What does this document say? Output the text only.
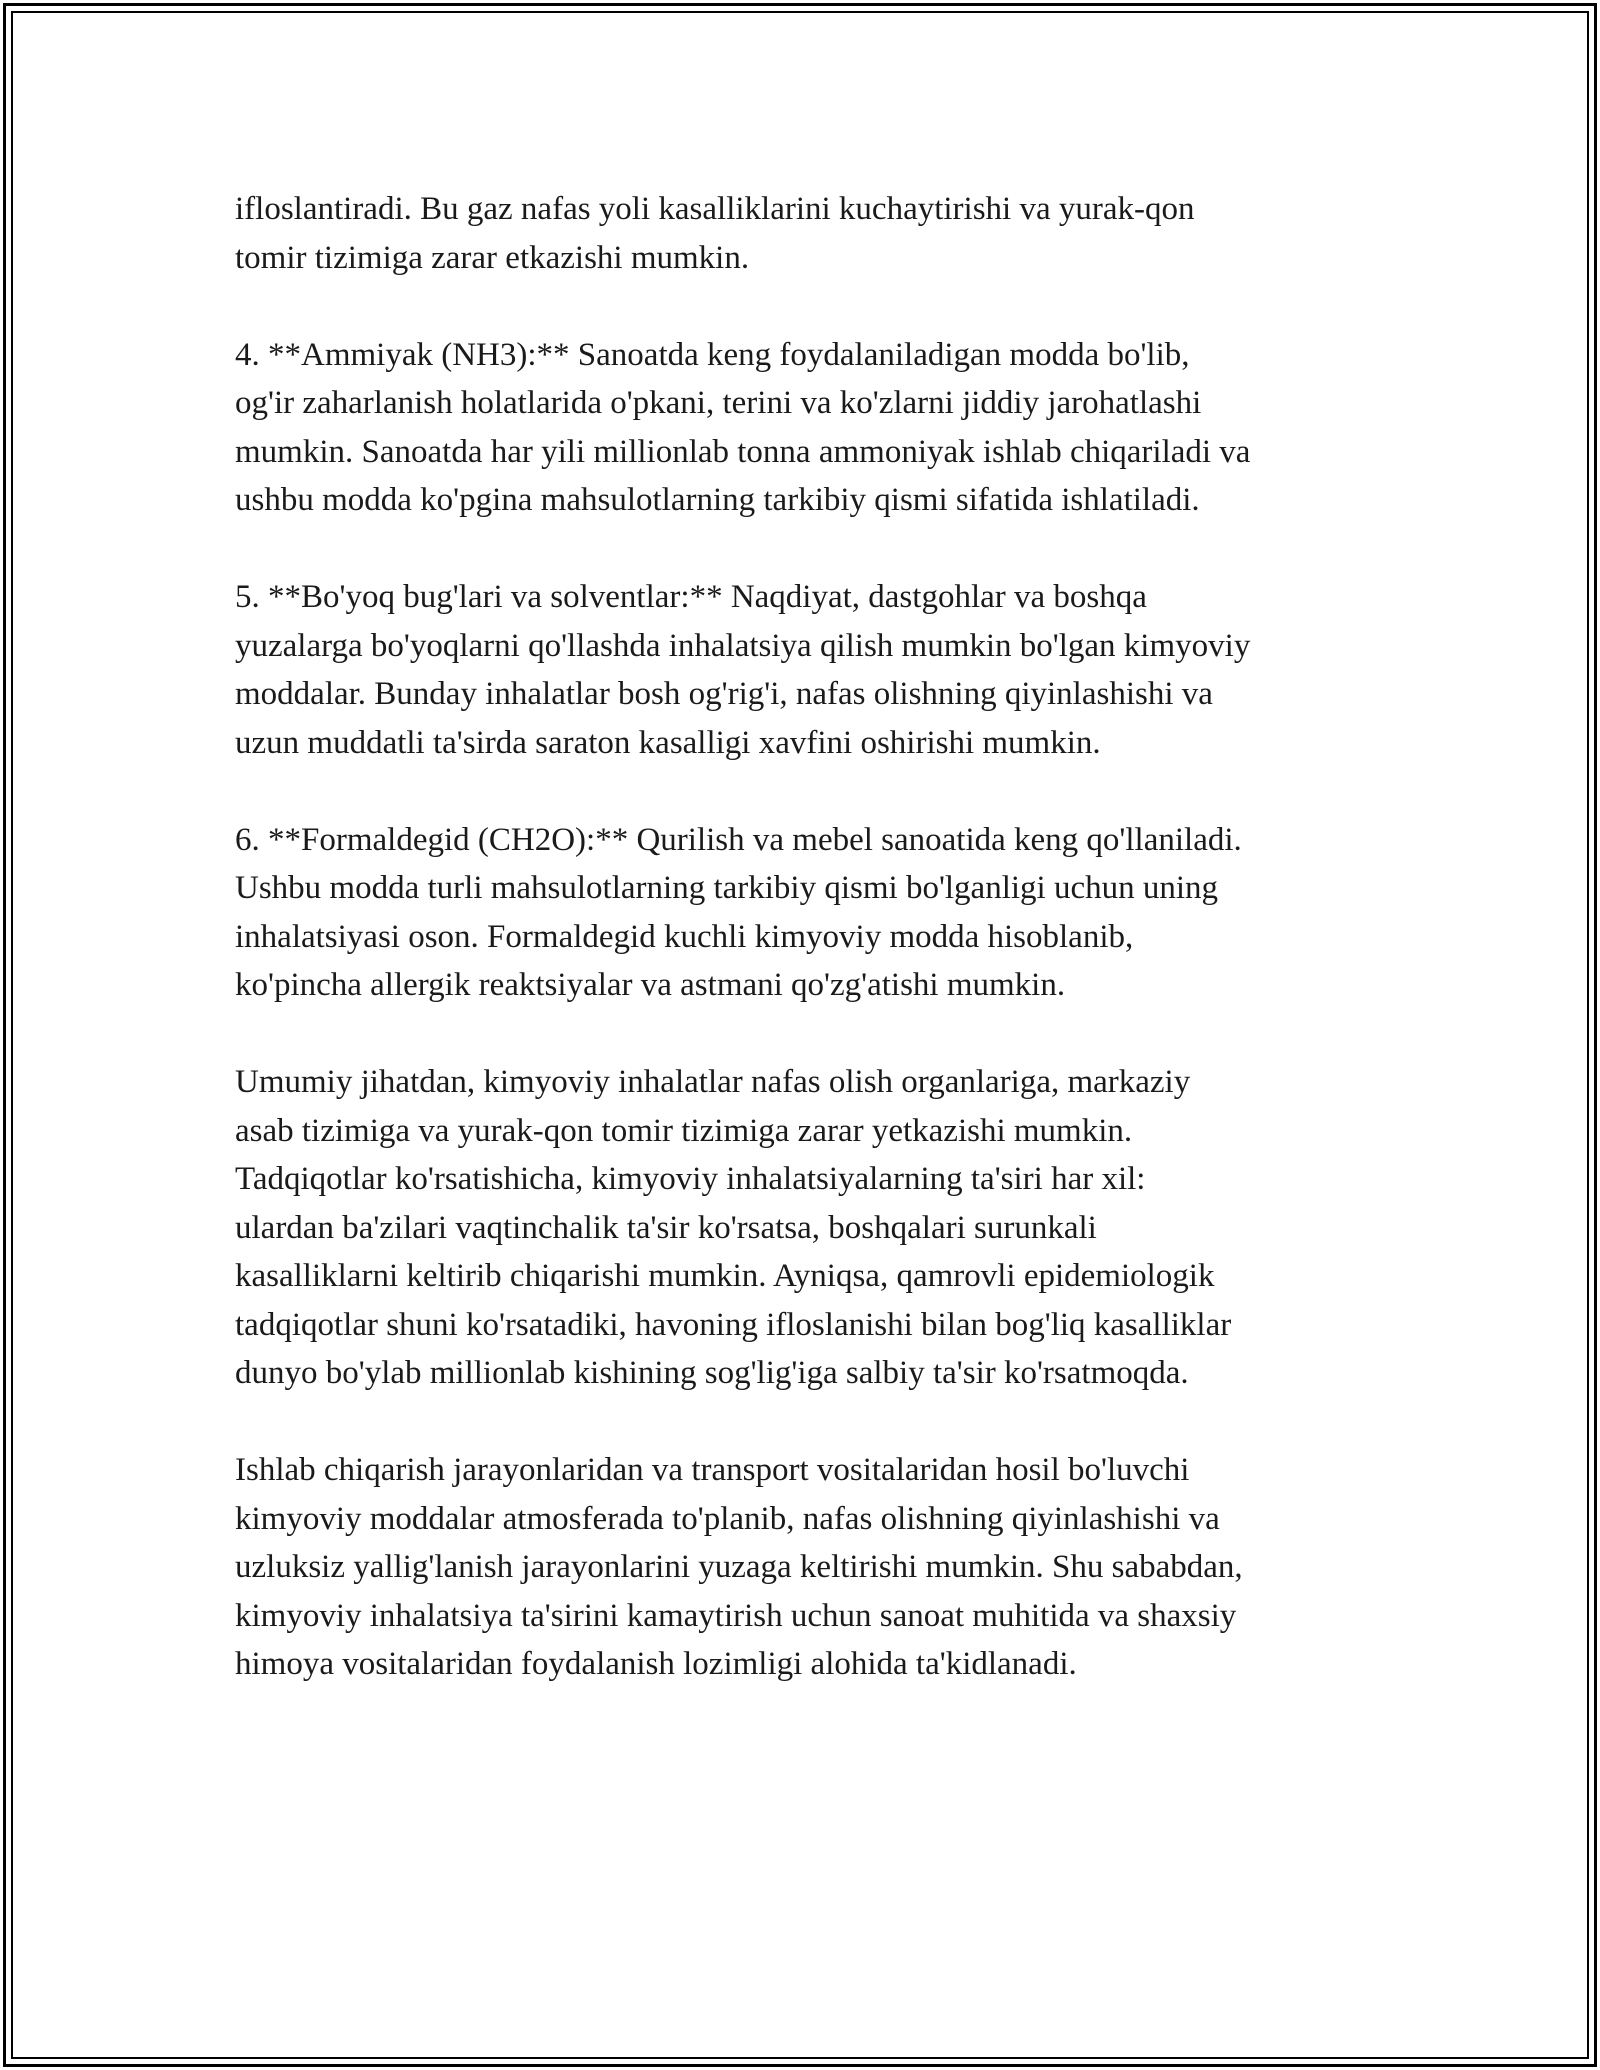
ifloslantiradi. Bu gaz nafas yoli kasalliklarini kuchaytirishi va yurak-qon
tomir tizimiga zarar etkazishi mumkin.
4. **Ammiyak (NH3):** Sanoatda keng foydalaniladigan modda bo'lib,
og'ir zaharlanish holatlarida o'pkani, terini va ko'zlarni jiddiy jarohatlashi
mumkin. Sanoatda har yili millionlab tonna ammoniyak ishlab chiqariladi va
ushbu modda ko'pgina mahsulotlarning tarkibiy qismi sifatida ishlatiladi.
5. **Bo'yoq bug'lari va solventlar:** Naqdiyat, dastgohlar va boshqa
yuzalarga bo'yoqlarni qo'llashda inhalatsiya qilish mumkin bo'lgan kimyoviy
moddalar. Bunday inhalatlar bosh og'rig'i, nafas olishning qiyinlashishi va
uzun muddatli ta'sirda saraton kasalligi xavfini oshirishi mumkin.
6. **Formaldegid (CH2O):** Qurilish va mebel sanoatida keng qo'llaniladi.
Ushbu modda turli mahsulotlarning tarkibiy qismi bo'lganligi uchun uning
inhalatsiyasi oson. Formaldegid kuchli kimyoviy modda hisoblanib,
ko'pincha allergik reaktsiyalar va astmani qo'zg'atishi mumkin.
Umumiy jihatdan, kimyoviy inhalatlar nafas olish organlariga, markaziy
asab tizimiga va yurak-qon tomir tizimiga zarar yetkazishi mumkin.
Tadqiqotlar ko'rsatishicha, kimyoviy inhalatsiyalarning ta'siri har xil:
ulardan ba'zilari vaqtinchalik ta'sir ko'rsatsa, boshqalari surunkali
kasalliklarni keltirib chiqarishi mumkin. Ayniqsa, qamrovli epidemiologik
tadqiqotlar shuni ko'rsatadiki, havoning ifloslanishi bilan bog'liq kasalliklar
dunyo bo'ylab millionlab kishining sog'lig'iga salbiy ta'sir ko'rsatmoqda.
Ishlab chiqarish jarayonlaridan va transport vositalaridan hosil bo'luvchi
kimyoviy moddalar atmosferada to'planib, nafas olishning qiyinlashishi va
uzluksiz yallig'lanish jarayonlarini yuzaga keltirishi mumkin. Shu sababdan,
kimyoviy inhalatsiya ta'sirini kamaytirish uchun sanoat muhitida va shaxsiy
himoya vositalaridan foydalanish lozimligi alohida ta'kidlanadi.
